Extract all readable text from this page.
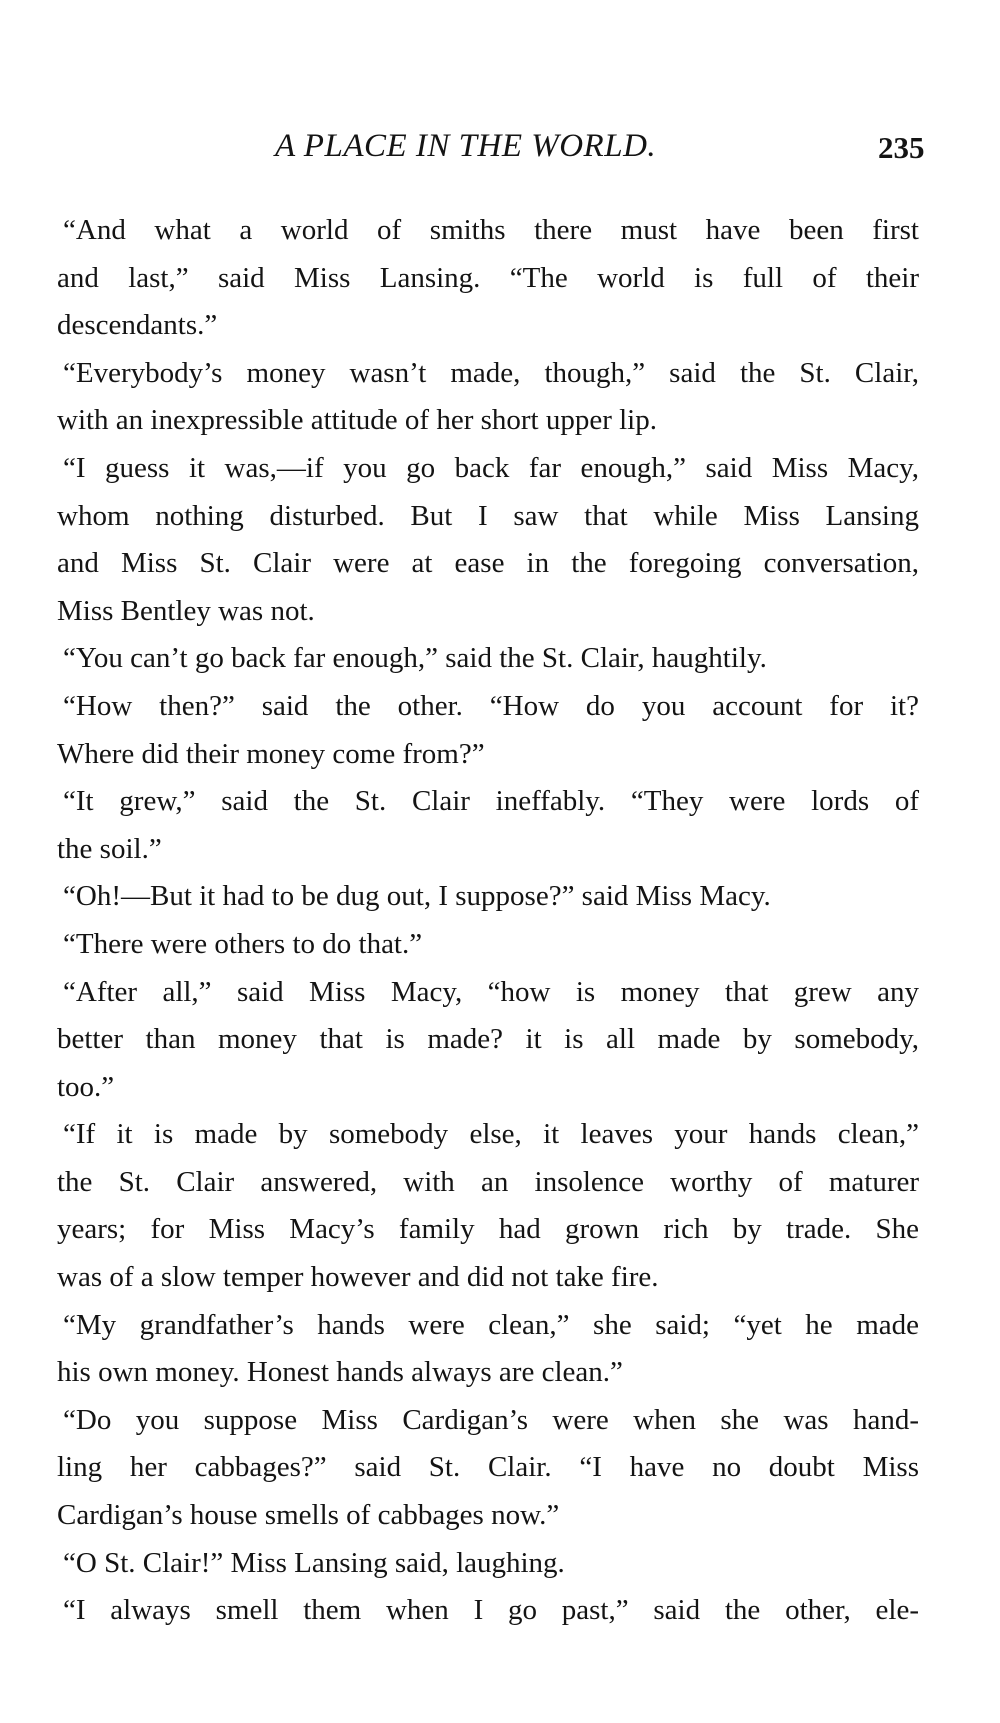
A PLACE IN THE WORLD.	235

“And what a world of smiths there must have been first
and last,” said Miss Lansing. “The world is full of their
descendants.”

“Everybody’s money wasn’t made, though,” said the St. Clair,
with an inexpressible attitude of her short upper lip.

“I guess it was,—if you go back far enough,” said Miss Macy,
whom nothing disturbed. But I saw that while Miss Lansing
and Miss St. Clair were at ease in the foregoing conversation,
Miss Bentley was not.

“You can’t go back far enough,” said the St. Clair, haughtily.

“How then?” said the other. “How do you account for it?
Where did their money come from?”

“It grew,” said the St. Clair ineffably. “They were lords of
the soil.”

“Oh!—But it had to be dug out, I suppose?” said Miss Macy.

“There were others to do that.”

“After all,” said Miss Macy, “how is money that grew any
better than money that is made? it is all made by somebody,
too.”

“If it is made by somebody else, it leaves your hands clean,”
the St. Clair answered, with an insolence worthy of maturer
years; for Miss Macy’s family had grown rich by trade. She
was of a slow temper however and did not take fire.

“My grandfather’s hands were clean,” she said; “yet he made
his own money. Honest hands always are clean.”

“Do you suppose Miss Cardigan’s were when she was hand-
ling her cabbages?” said St. Clair. “I have no doubt Miss
Cardigan’s house smells of cabbages now.”

“O St. Clair!” Miss Lansing said, laughing.

“I always smell them when I go past,” said the other, ele-
